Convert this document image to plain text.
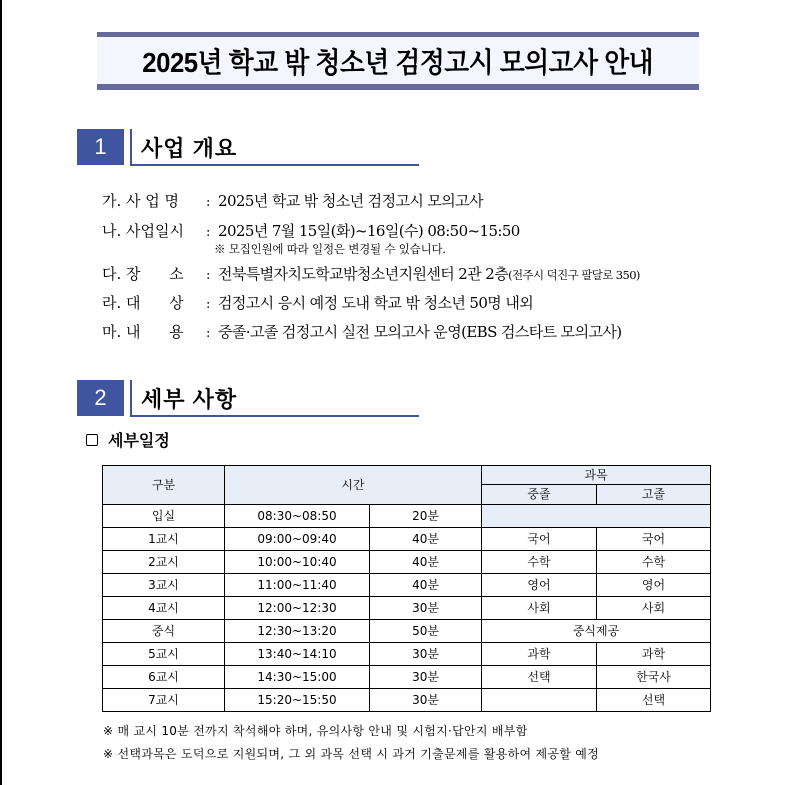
2025년 학교 밖 청소년 검정고시 모의고사 안내
1	사업 개요
가. 사 업 명	: 2025년 학교 밖 청소년 검정고시 모의고사
나. 사업일시	: 2025년 7월 15일(화)~16일(수) 08:50~15:50
※ 모집인원에 따라 일정은 변경될 수 있습니다.
다. 장      소	: 전북특별자치도학교밖청소년지원센터 2관 2층 (전주시 덕진구 팔달로 350)
라. 대      상	: 검정고시 응시 예정 도내 학교 밖 청소년 50명 내외
마. 내      용	: 중졸·고졸 검정고시 실전 모의고사 운영(EBS 검스타트 모의고사)
2	세부 사항
세부일정
구분	시간		과목	
			중졸	고졸
입실	08:30~08:50	20분		
1교시	09:00~09:40	40분	국어	국어
2교시	10:00~10:40	40분	수학	수학
3교시	11:00~11:40	40분	영어	영어
4교시	12:00~12:30	30분	사회	사회
중식	12:30~13:20	50분	중식제공	
5교시	13:40~14:10	30분	과학	과학
6교시	14:30~15:00	30분	선택	한국사
7교시	15:20~15:50	30분		선택
※ 매 교시 10분 전까지 착석해야 하며, 유의사항 안내 및 시험지·답안지 배부함
※ 선택과목은 도덕으로 지원되며, 그 외 과목 선택 시 과거 기출문제를 활용하여 제공할 예정
